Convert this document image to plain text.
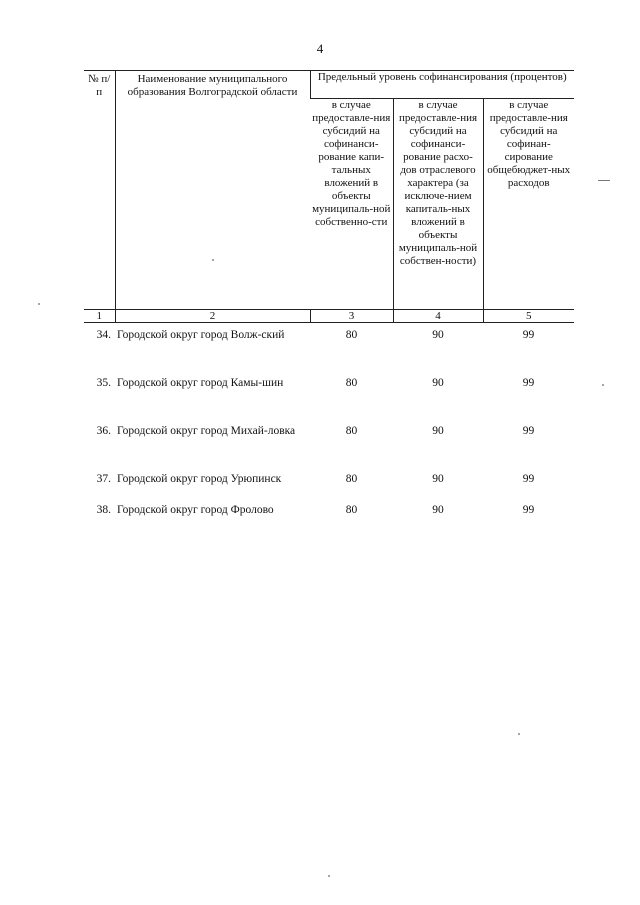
4
№ п/п	Наименование муниципального образования Волгоградской области	Предельный уровень софинансирования (процентов)		
		в случае предоставле-ния субсидий на софинанси-рование капи-тальных вложений в объекты муниципаль-ной собственно-сти	в случае предоставле-ния субсидий на софинанси-рование расхо-дов отраслевого характера (за исключе-нием капиталь-ных вложений в объекты муниципаль-ной собствен-ности)	в случае предоставле-ния субсидий на софинан-сирование общебюджет-ных расходов
1	2	3	4	5
34.	Городской округ город Волж-ский	80	90	99
35.	Городской округ город Камы-шин	80	90	99
36.	Городской округ город Михай-ловка	80	90	99
37.	Городской округ город Урюпинск	80	90	99
38.	Городской округ город Фролово	80	90	99
